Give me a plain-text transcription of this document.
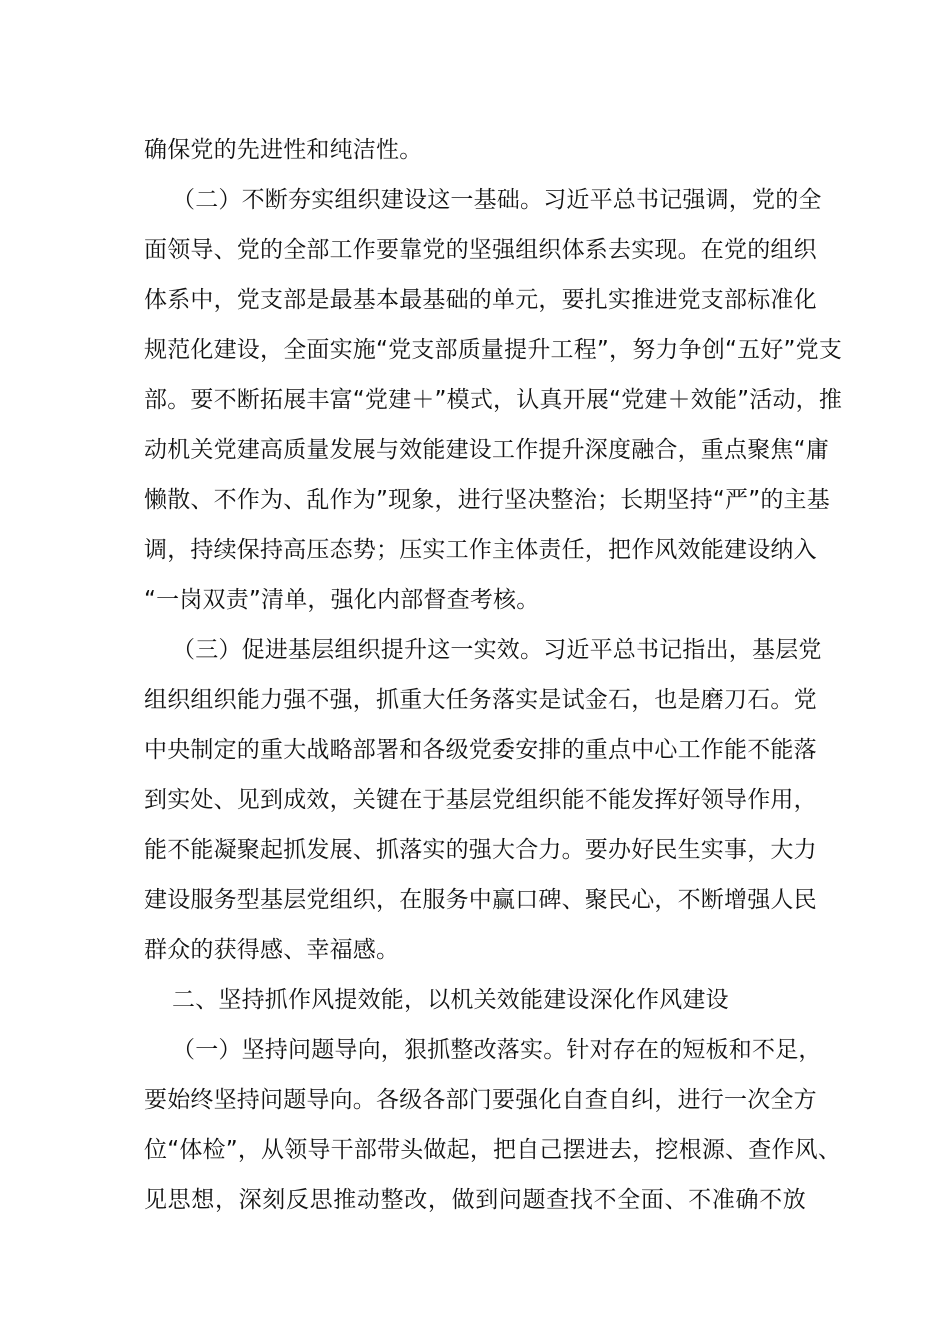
确保党的先进性和纯洁性。
（二）不断夯实组织建设这一基础。习近平总书记强调，党的全
面领导、党的全部工作要靠党的坚强组织体系去实现。在党的组织
体系中，党支部是最基本最基础的单元，要扎实推进党支部标准化
规范化建设，全面实施“党支部质量提升工程”，努力争创“五好”党支
部。要不断拓展丰富“党建＋”模式，认真开展“党建＋效能”活动，推
动机关党建高质量发展与效能建设工作提升深度融合，重点聚焦“庸
懒散、不作为、乱作为”现象，进行坚决整治；长期坚持“严”的主基
调，持续保持高压态势；压实工作主体责任，把作风效能建设纳入
“一岗双责”清单，强化内部督查考核。
（三）促进基层组织提升这一实效。习近平总书记指出，基层党
组织组织能力强不强，抓重大任务落实是试金石，也是磨刀石。党
中央制定的重大战略部署和各级党委安排的重点中心工作能不能落
到实处、见到成效，关键在于基层党组织能不能发挥好领导作用，
能不能凝聚起抓发展、抓落实的强大合力。要办好民生实事，大力
建设服务型基层党组织，在服务中赢口碑、聚民心，不断增强人民
群众的获得感、幸福感。
二、坚持抓作风提效能，以机关效能建设深化作风建设
（一）坚持问题导向，狠抓整改落实。针对存在的短板和不足，
要始终坚持问题导向。各级各部门要强化自查自纠，进行一次全方
位“体检”，从领导干部带头做起，把自己摆进去，挖根源、查作风、
见思想，深刻反思推动整改，做到问题查找不全面、不准确不放
